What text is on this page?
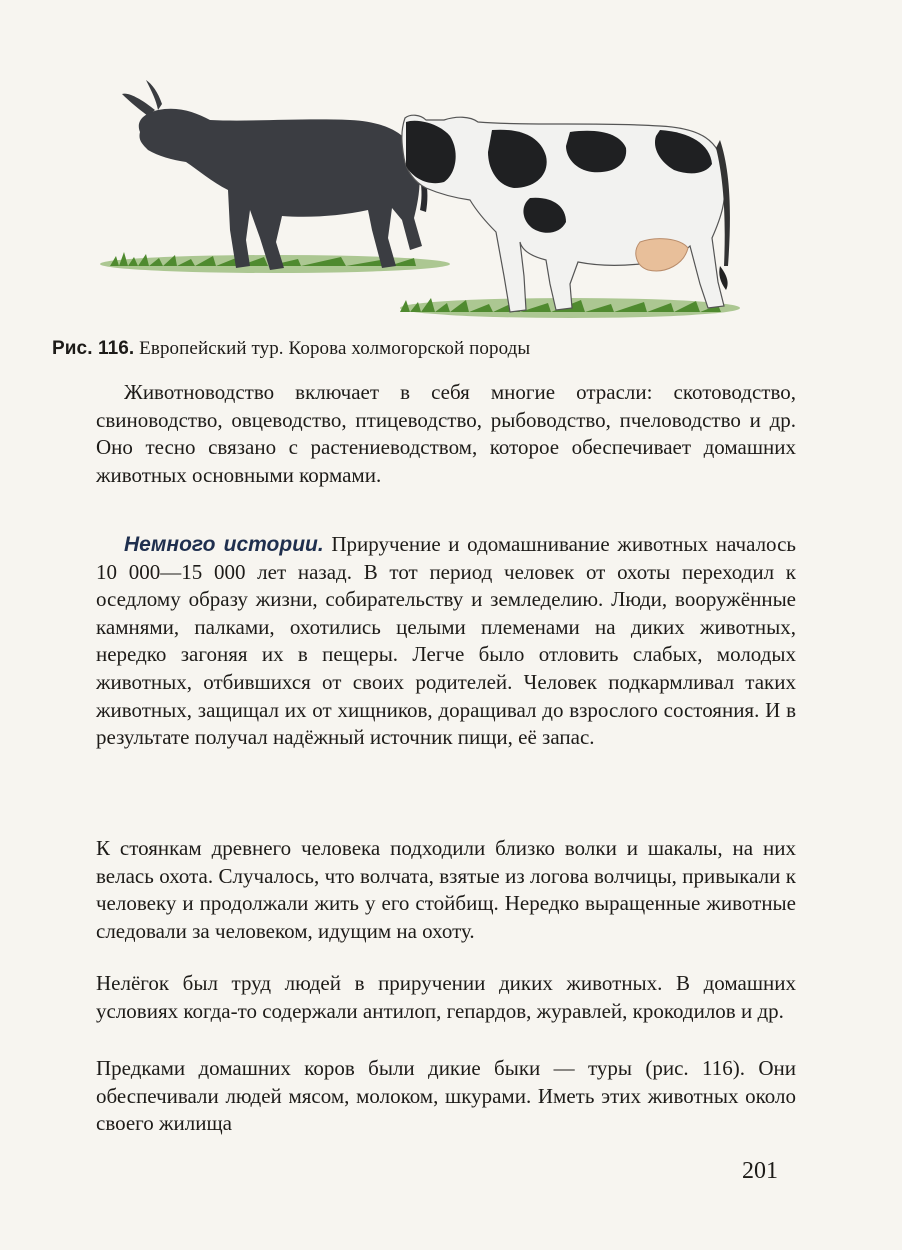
Рис. 116. Европейский тур. Корова холмогорской породы

Животноводство включает в себя многие отрасли: скотоводство, свиноводство, овцеводство, птицеводство, рыбоводство, пчеловодство и др. Оно тесно связано с растениеводством, которое обеспечивает домашних животных основными кормами.

Немного истории. Приручение и одомашнивание животных началось 10 000—15 000 лет назад. В тот период человек от охоты переходил к оседлому образу жизни, собирательству и земледелию. Люди, вооружённые камнями, палками, охотились целыми племенами на диких животных, нередко загоняя их в пещеры. Легче было отловить слабых, молодых животных, отбившихся от своих родителей. Человек подкармливал таких животных, защищал их от хищников, доращивал до взрослого состояния. И в результате получал надёжный источник пищи, её запас.

К стоянкам древнего человека подходили близко волки и шакалы, на них велась охота. Случалось, что волчата, взятые из логова волчицы, привыкали к человеку и продолжали жить у его стойбищ. Нередко выращенные животные следовали за человеком, идущим на охоту.

Нелёгок был труд людей в приручении диких животных. В домашних условиях когда-то содержали антилоп, гепардов, журавлей, крокодилов и др.

Предками домашних коров были дикие быки — туры (рис. 116). Они обеспечивали людей мясом, молоком, шкурами. Иметь этих животных около своего жилища

201
